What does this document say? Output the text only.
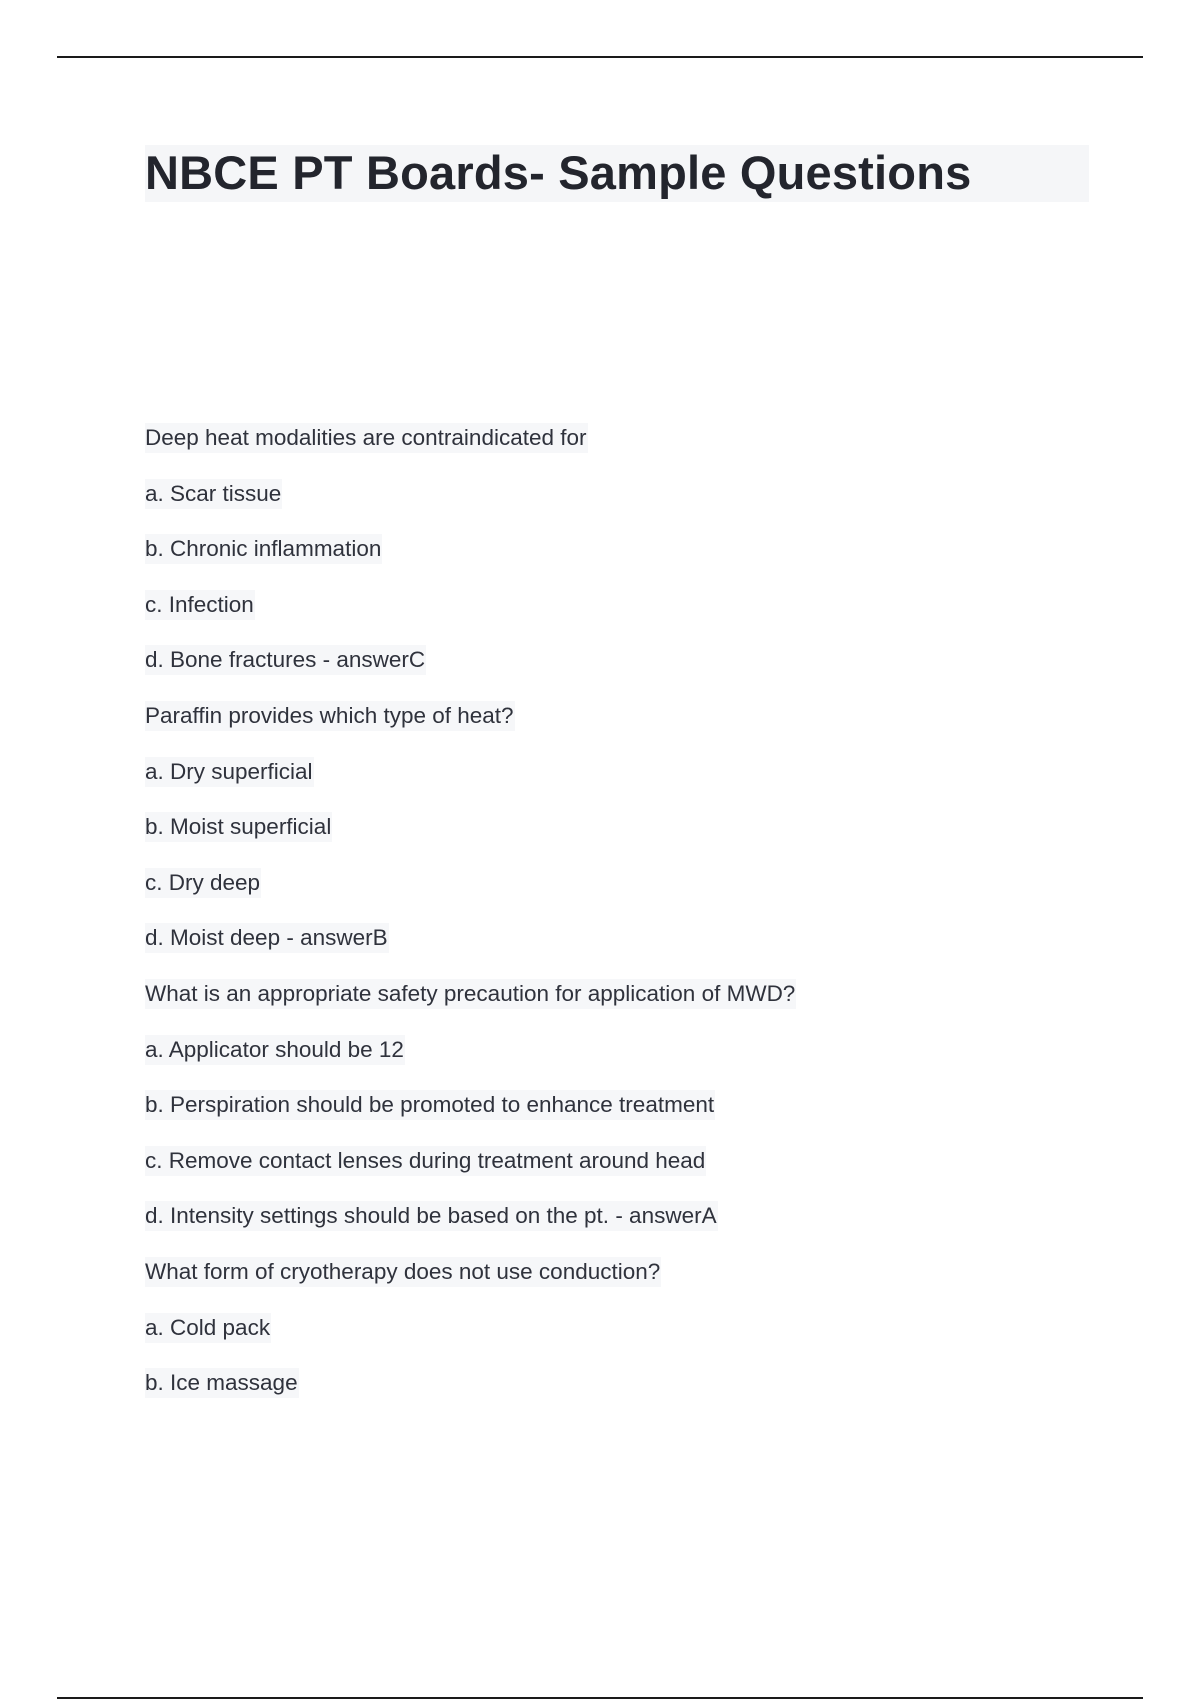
NBCE PT Boards- Sample Questions
Deep heat modalities are contraindicated for
a. Scar tissue
b. Chronic inflammation
c. Infection
d. Bone fractures - answerC
Paraffin provides which type of heat?
a. Dry superficial
b. Moist superficial
c. Dry deep
d. Moist deep - answerB
What is an appropriate safety precaution for application of MWD?
a. Applicator should be 12
b. Perspiration should be promoted to enhance treatment
c. Remove contact lenses during treatment around head
d. Intensity settings should be based on the pt. - answerA
What form of cryotherapy does not use conduction?
a. Cold pack
b. Ice massage
